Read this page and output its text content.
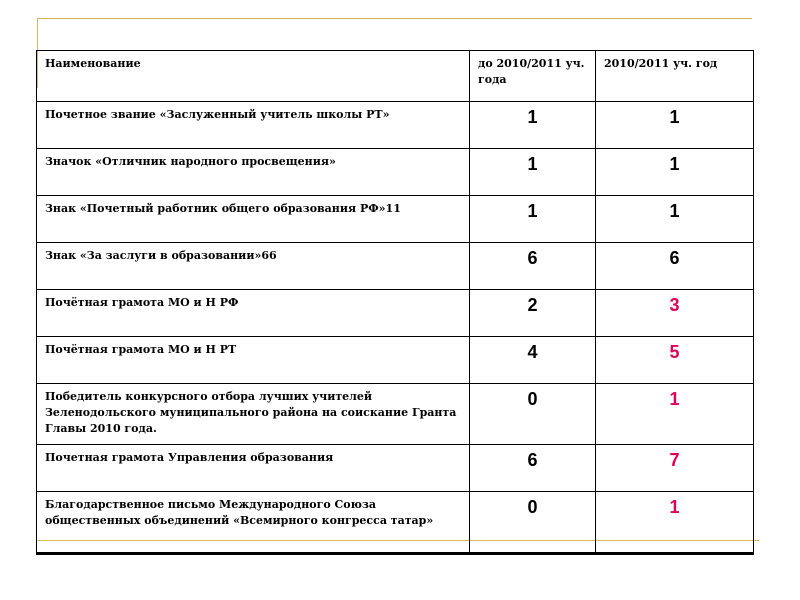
Наименование	до 2010/2011 уч. года	2010/2011 уч. год
Почетное звание «Заслуженный учитель школы РТ»	1	1
Значок «Отличник народного просвещения»	1	1
Знак «Почетный работник общего образования РФ»11	1	1
Знак «За заслуги в образовании»66	6	6
Почётная грамота МО и Н РФ	2	3
Почётная грамота МО и Н РТ	4	5
Победитель конкурсного отбора лучших учителей Зеленодольского муниципального района на соискание Гранта Главы 2010 года.	0	1
Почетная грамота Управления образования	6	7
Благодарственное письмо Международного Союза общественных объединений «Всемирного конгресса татар»	0	1
